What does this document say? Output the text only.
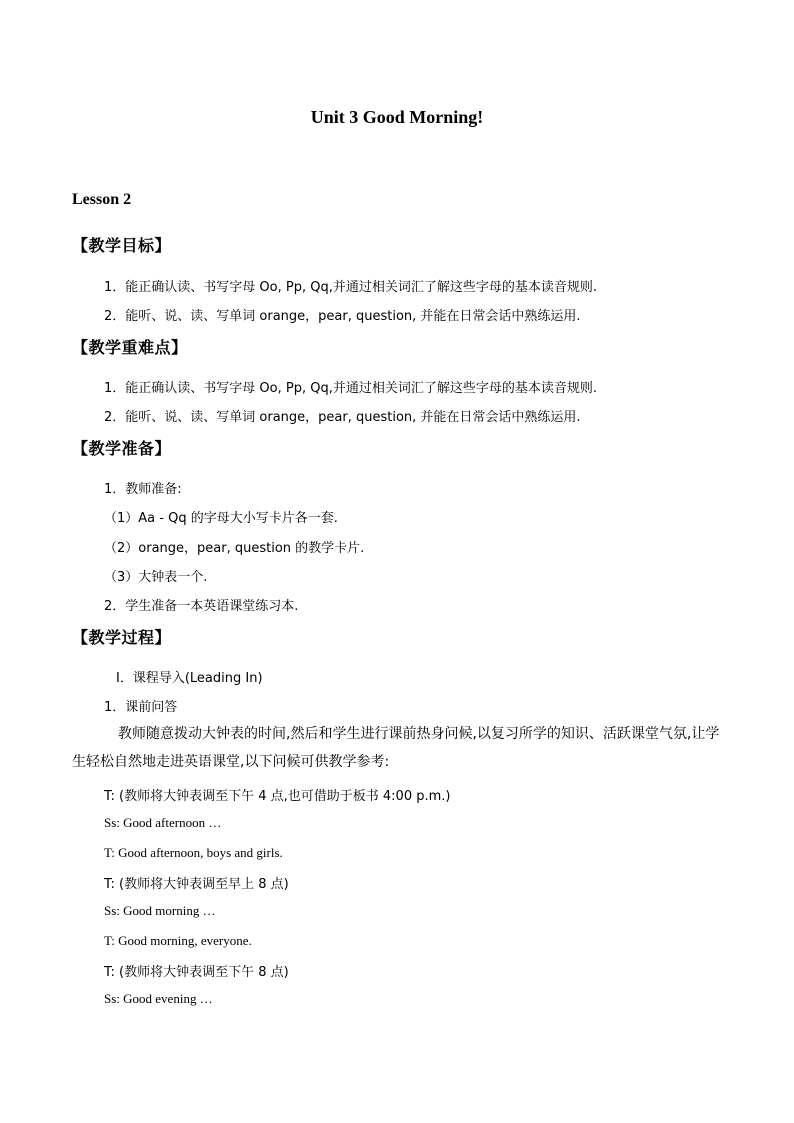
Unit 3 Good Morning!
Lesson 2
【教学目标】
1．能正确认读、书写字母 Oo, Pp, Qq,并通过相关词汇了解这些字母的基本读音规则.
2．能听、说、读、写单词 orange，pear, question, 并能在日常会话中熟练运用.
【教学重难点】
1．能正确认读、书写字母 Oo, Pp, Qq,并通过相关词汇了解这些字母的基本读音规则.
2．能听、说、读、写单词 orange，pear, question, 并能在日常会话中熟练运用.
【教学准备】
1．教师准备:
（1）Aa - Qq 的字母大小写卡片各一套.
（2）orange，pear, question 的教学卡片.
（3）大钟表一个.
2．学生准备一本英语课堂练习本.
【教学过程】
Ⅰ．课程导入(Leading In)
1．课前问答
教师随意拨动大钟表的时间,然后和学生进行课前热身问候,以复习所学的知识、活跃课堂气氛,让学生轻松自然地走进英语课堂,以下问候可供教学参考:
T: (教师将大钟表调至下午 4 点,也可借助于板书 4:00 p.m.)
Ss: Good afternoon …
T: Good afternoon, boys and girls.
T: (教师将大钟表调至早上 8 点)
Ss: Good morning …
T: Good morning, everyone.
T: (教师将大钟表调至下午 8 点)
Ss: Good evening …
